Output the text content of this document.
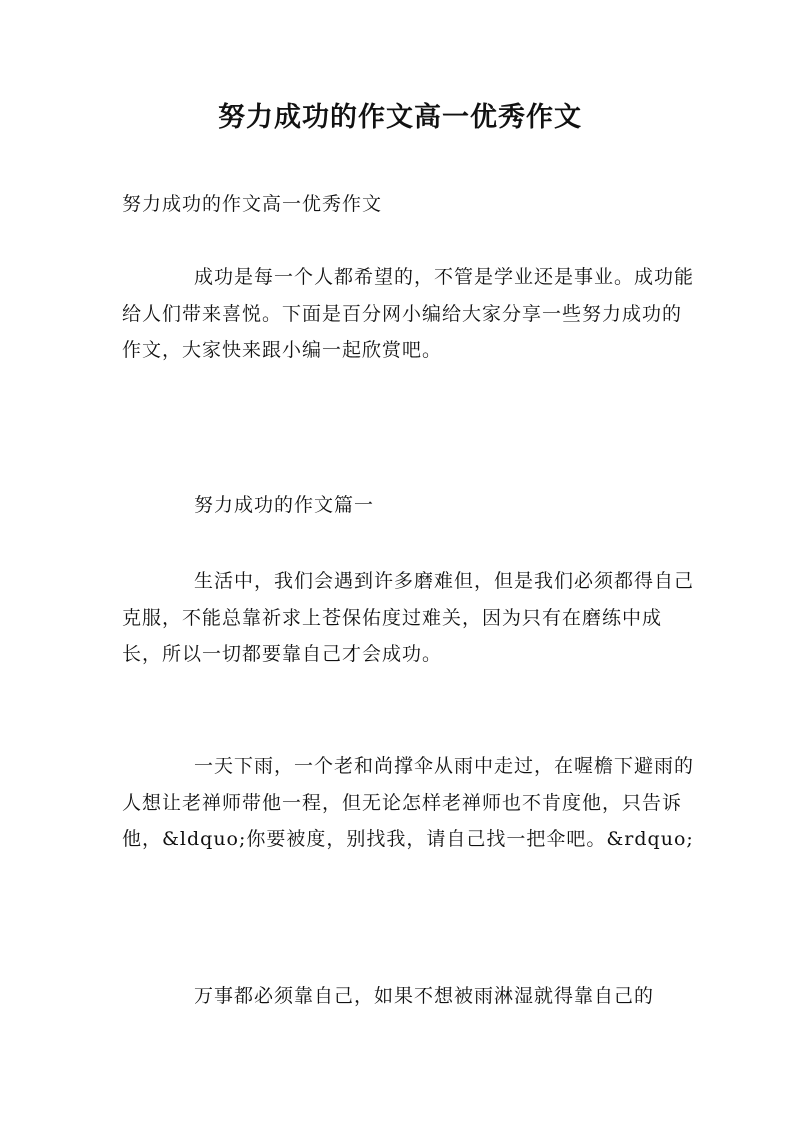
努力成功的作文高一优秀作文
努力成功的作文高一优秀作文

成功是每一个人都希望的，不管是学业还是事业。成功能给人们带来喜悦。下面是百分网小编给大家分享一些努力成功的作文，大家快来跟小编一起欣赏吧。

努力成功的作文篇一

生活中，我们会遇到许多磨难但，但是我们必须都得自己克服，不能总靠祈求上苍保佑度过难关，因为只有在磨练中成长，所以一切都要靠自己才会成功。

一天下雨，一个老和尚撑伞从雨中走过，在喔檐下避雨的人想让老禅师带他一程，但无论怎样老禅师也不肯度他，只告诉他，&ldquo;你要被度，别找我，请自己找一把伞吧。&rdquo;

万事都必须靠自己，如果不想被雨淋湿就得靠自己的
